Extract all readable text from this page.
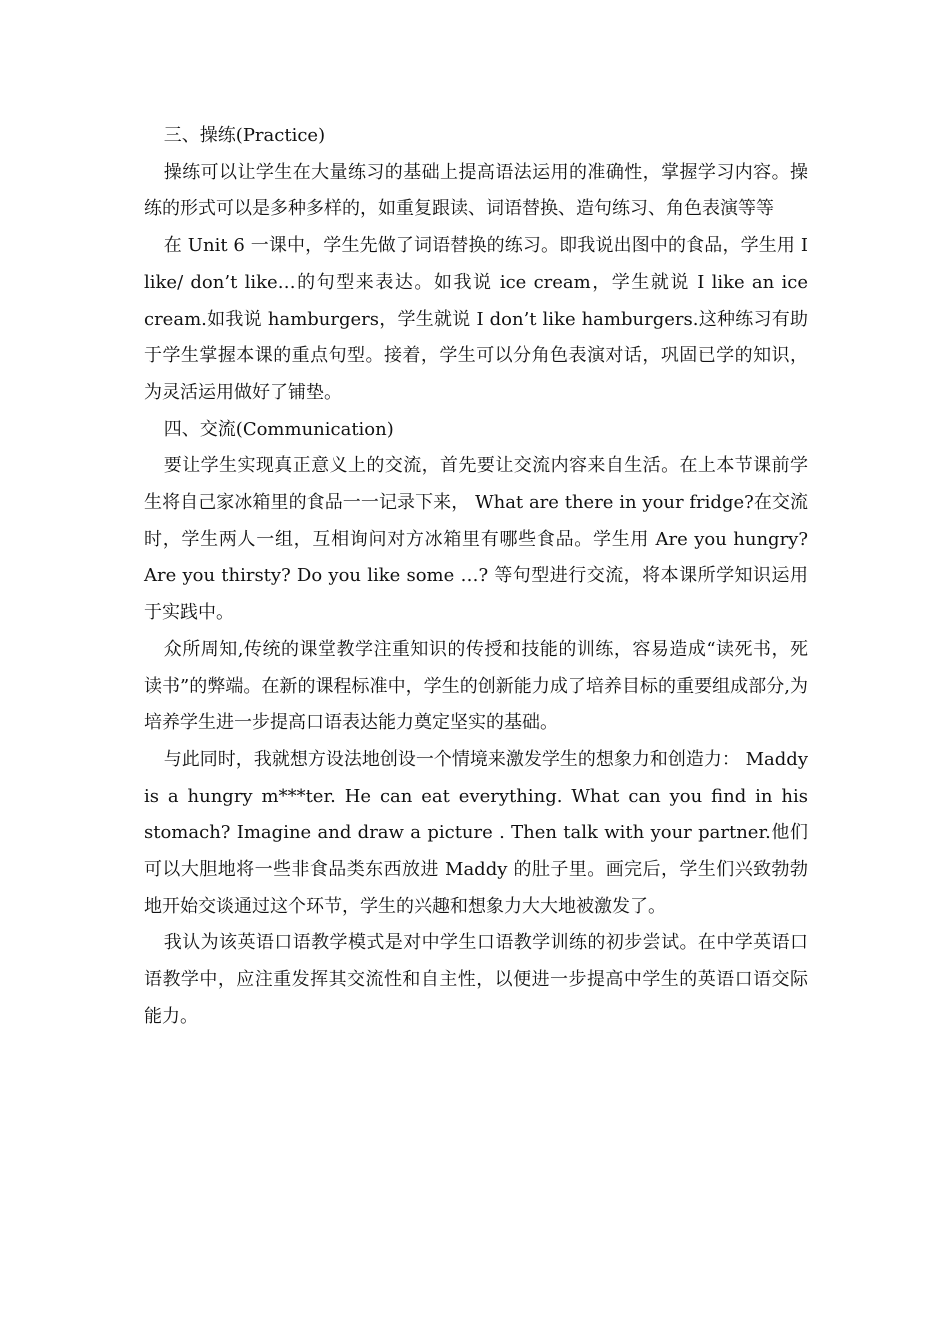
三、操练(Practice)

操练可以让学生在大量练习的基础上提高语法运用的准确性，掌握学习内容。操练的形式可以是多种多样的，如重复跟读、词语替换、造句练习、角色表演等等

在 Unit 6 一课中，学生先做了词语替换的练习。即我说出图中的食品，学生用 I like/ don’t like…的句型来表达。如我说 ice cream，学生就说 I like an ice cream.如我说 hamburgers，学生就说 I don’t like hamburgers.这种练习有助于学生掌握本课的重点句型。接着，学生可以分角色表演对话，巩固已学的知识，为灵活运用做好了铺垫。

四、交流(Communication)

要让学生实现真正意义上的交流，首先要让交流内容来自生活。在上本节课前学生将自己家冰箱里的食品一一记录下来， What are there in your fridge?在交流时，学生两人一组，互相询问对方冰箱里有哪些食品。学生用 Are you hungry? Are you thirsty? Do you like some …? 等句型进行交流，将本课所学知识运用于实践中。

众所周知,传统的课堂教学注重知识的传授和技能的训练，容易造成“读死书，死读书”的弊端。在新的课程标准中，学生的创新能力成了培养目标的重要组成部分,为培养学生进一步提高口语表达能力奠定坚实的基础。

与此同时，我就想方设法地创设一个情境来激发学生的想象力和创造力： Maddy is a hungry m***ter. He can eat everything. What can you find in his stomach? Imagine and draw a picture . Then talk with your partner.他们可以大胆地将一些非食品类东西放进 Maddy 的肚子里。画完后，学生们兴致勃勃地开始交谈通过这个环节，学生的兴趣和想象力大大地被激发了。

我认为该英语口语教学模式是对中学生口语教学训练的初步尝试。在中学英语口语教学中，应注重发挥其交流性和自主性，以便进一步提高中学生的英语口语交际能力。
